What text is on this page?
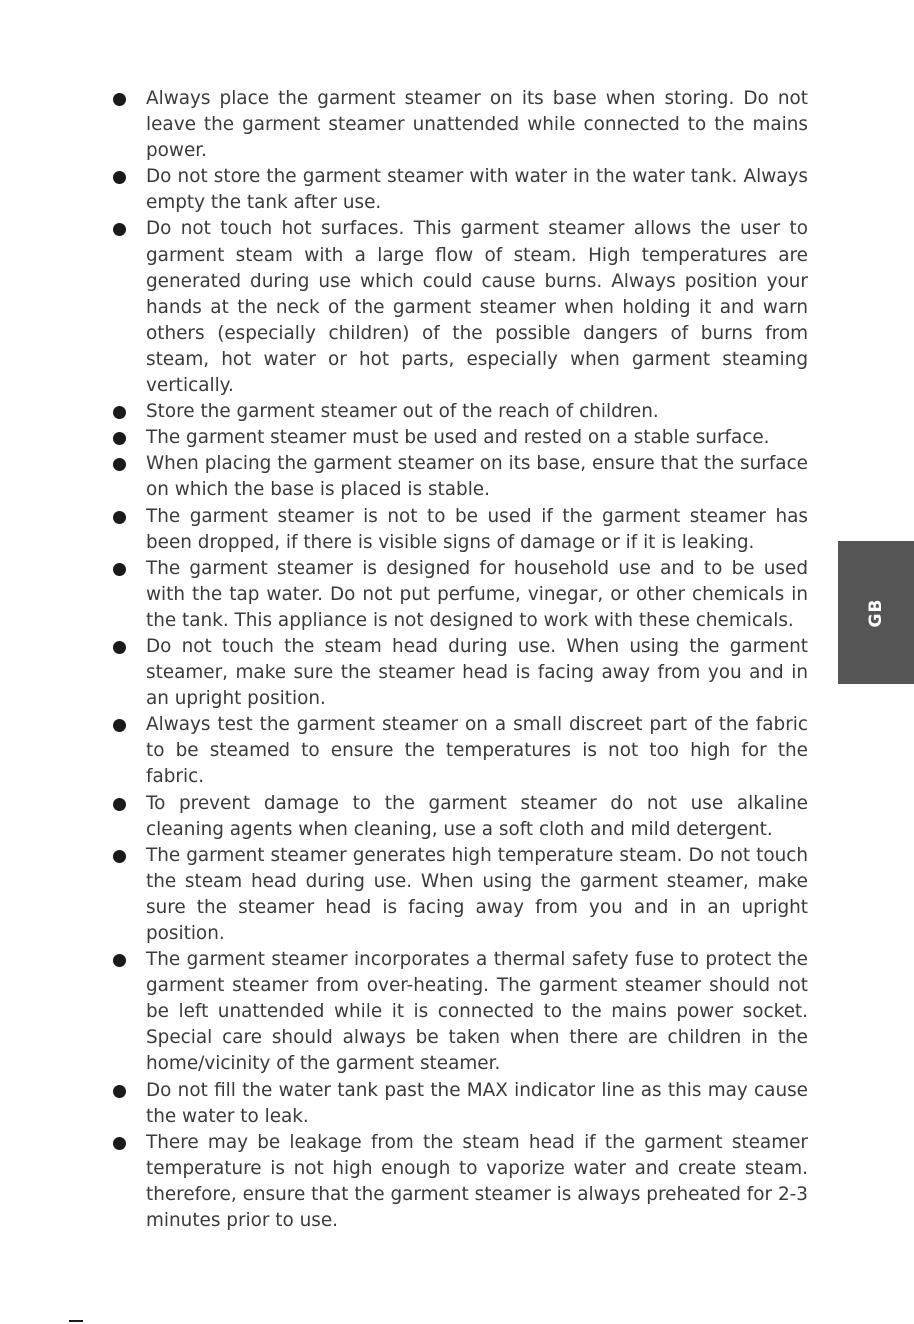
Always place the garment steamer on its base when storing. Do not leave the garment steamer unattended while connected to the mains power.
Do not store the garment steamer with water in the water tank. Always empty the tank after use.
Do not touch hot surfaces. This garment steamer allows the user to garment steam with a large flow of steam. High temperatures are generated during use which could cause burns. Always position your hands at the neck of the garment steamer when holding it and warn others (especially children) of the possible dangers of burns from steam, hot water or hot parts, especially when garment steaming vertically.
Store the garment steamer out of the reach of children.
The garment steamer must be used and rested on a stable surface.
When placing the garment steamer on its base, ensure that the surface on which the base is placed is stable.
The garment steamer is not to be used if the garment steamer has been dropped, if there is visible signs of damage or if it is leaking.
The garment steamer is designed for household use and to be used with the tap water. Do not put perfume, vinegar, or other chemicals in the tank. This appliance is not designed to work with these chemicals.
Do not touch the steam head during use. When using the garment steamer, make sure the steamer head is facing away from you and in an upright position.
Always test the garment steamer on a small discreet part of the fabric to be steamed to ensure the temperatures is not too high for the fabric.
To prevent damage to the garment steamer do not use alkaline cleaning agents when cleaning, use a soft cloth and mild detergent.
The garment steamer generates high temperature steam. Do not touch the steam head during use. When using the garment steamer, make sure the steamer head is facing away from you and in an upright position.
The garment steamer incorporates a thermal safety fuse to protect the garment steamer from over-heating. The garment steamer should not be left unattended while it is connected to the mains power socket. Special care should always be taken when there are children in the home/vicinity of the garment steamer.
Do not fill the water tank past the MAX indicator line as this may cause the water to leak.
There may be leakage from the steam head if the garment steamer temperature is not high enough to vaporize water and create steam. therefore, ensure that the garment steamer is always preheated for 2-3 minutes prior to use.
GB
